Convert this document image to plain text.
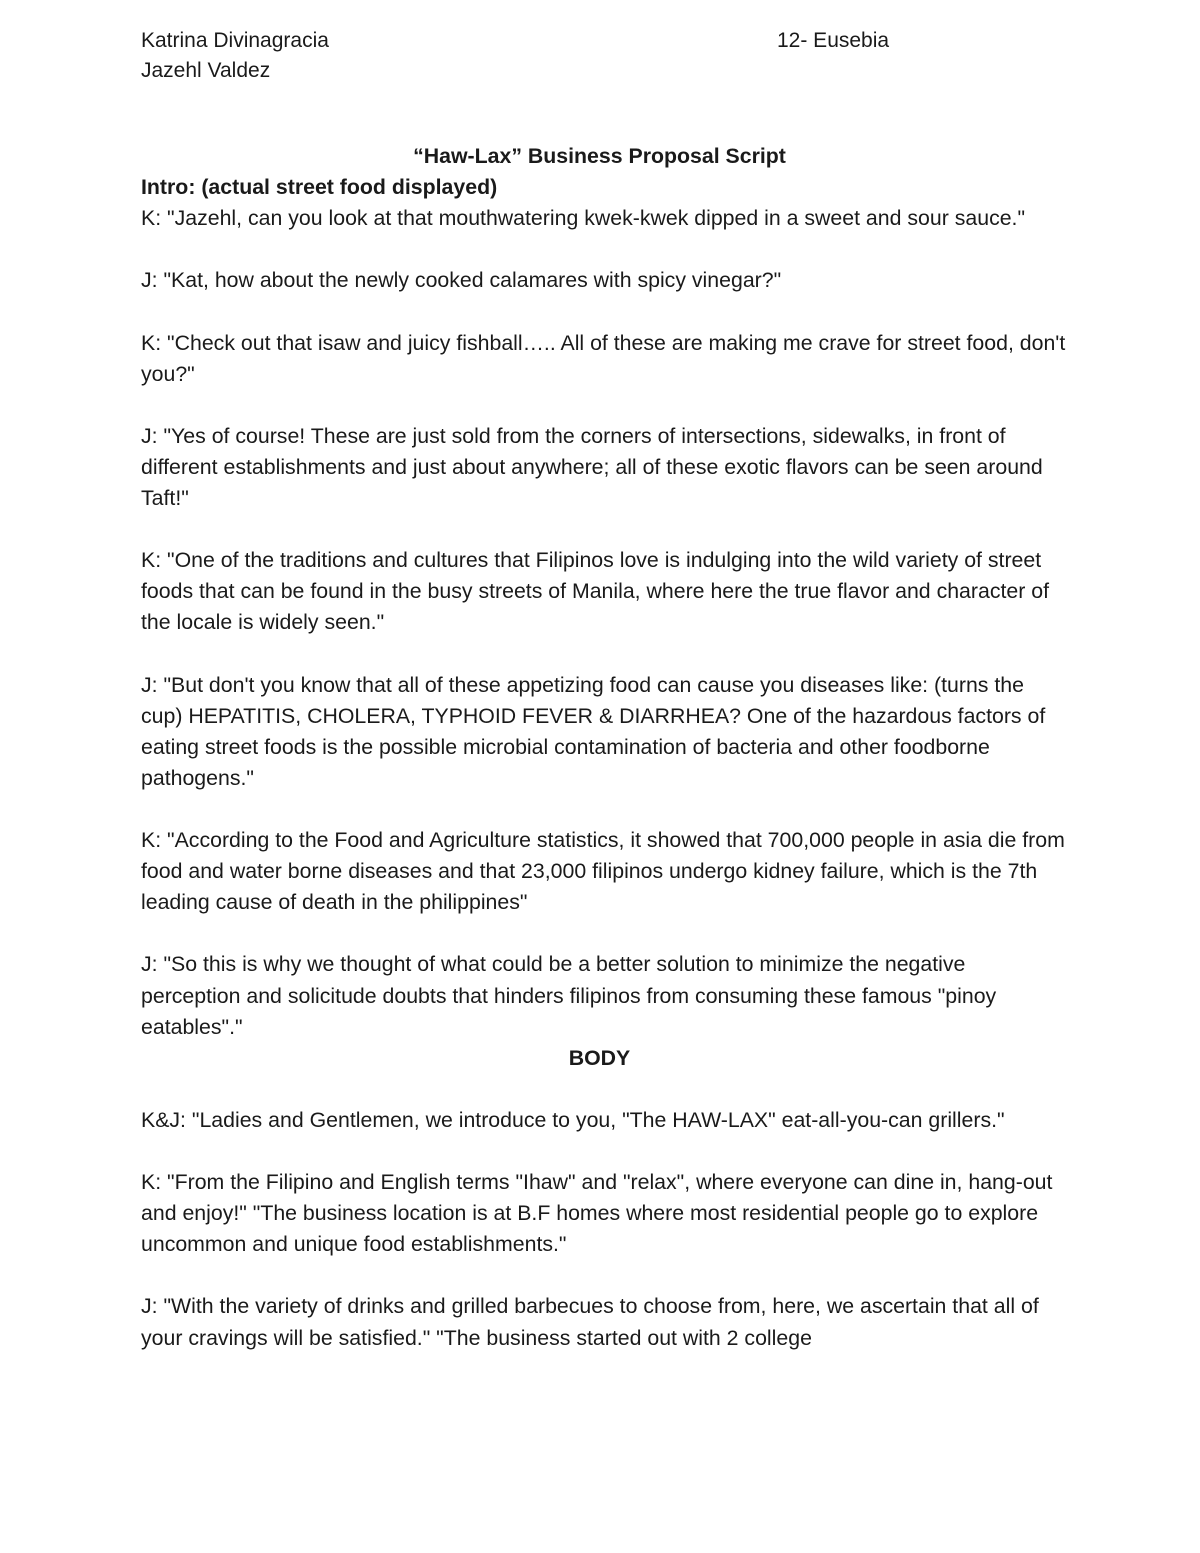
Katrina Divinagracia
Jazehl Valdez
12- Eusebia

“Haw-Lax” Business Proposal Script

Intro: (actual street food displayed)

K: "Jazehl, can you look at that mouthwatering kwek-kwek dipped in a sweet and sour sauce."

J: "Kat, how about the newly cooked calamares with spicy vinegar?"

K: "Check out that isaw and juicy fishball….. All of these are making me crave for street food, don't you?"

J: "Yes of course! These are just sold from the corners of intersections, sidewalks, in front of different establishments and just about anywhere; all of these exotic flavors can be seen around Taft!"

K: "One of the traditions and cultures that Filipinos love is indulging into the wild variety of street foods that can be found in the busy streets of Manila, where here the true flavor and character of the locale is widely seen."

J: "But don't you know that all of these appetizing food can cause you diseases like: (turns the cup) HEPATITIS, CHOLERA, TYPHOID FEVER & DIARRHEA? One of the hazardous factors of eating street foods is the possible microbial contamination of bacteria and other foodborne pathogens."

K: "According to the Food and Agriculture statistics, it showed that 700,000 people in asia die from food and water borne diseases and that 23,000 filipinos undergo kidney failure, which is the 7th leading cause of death in the philippines"

J: "So this is why we thought of what could be a better solution to minimize the negative perception and solicitude doubts that hinders filipinos from consuming these famous "pinoy eatables"."

BODY

K&J: "Ladies and Gentlemen, we introduce to you, "The HAW-LAX" eat-all-you-can grillers."

K: "From the Filipino and English terms "Ihaw" and "relax", where everyone can dine in, hang-out and enjoy!" "The business location is at B.F homes where most residential people go to explore uncommon and unique food establishments."

J: "With the variety of drinks and grilled barbecues to choose from, here, we ascertain that all of your cravings will be satisfied." "The business started out with 2 college
